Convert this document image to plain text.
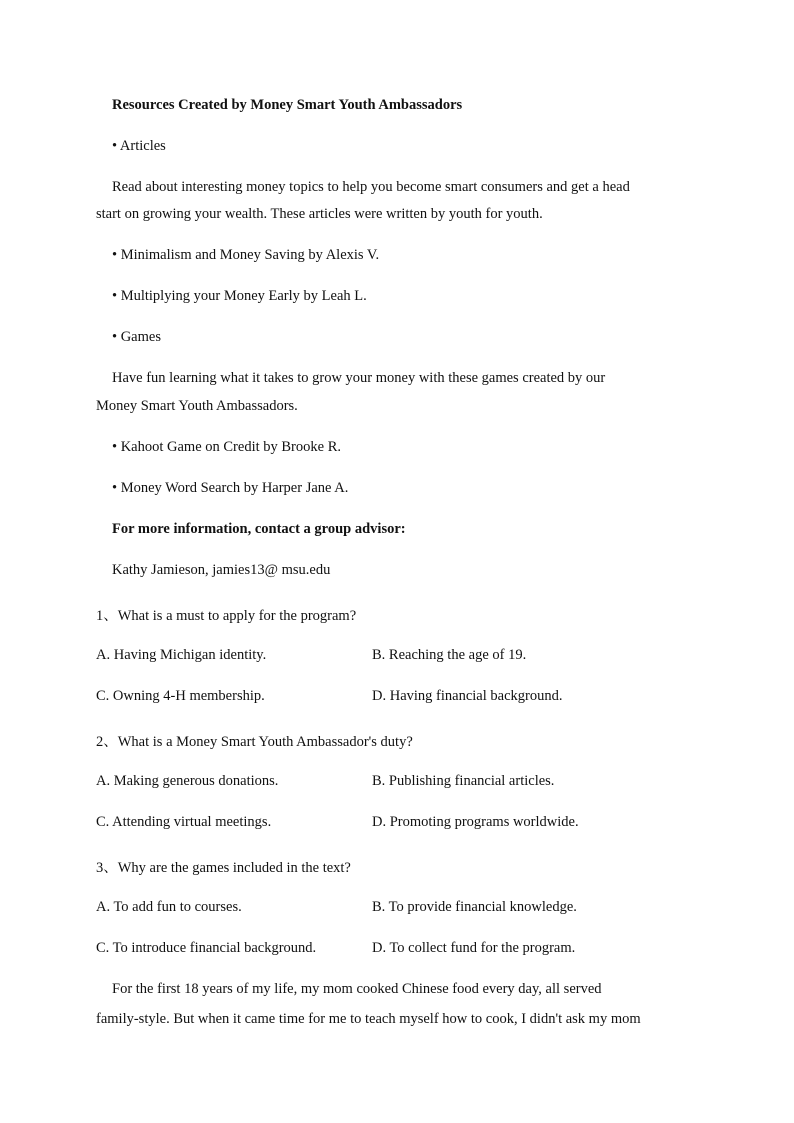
Resources Created by Money Smart Youth Ambassadors
• Articles
Read about interesting money topics to help you become smart consumers and get a head
start on growing your wealth. These articles were written by youth for youth.
• Minimalism and Money Saving by Alexis V.
• Multiplying your Money Early by Leah L.
• Games
Have fun learning what it takes to grow your money with these games created by our
Money Smart Youth Ambassadors.
• Kahoot Game on Credit by Brooke R.
• Money Word Search by Harper Jane A.
For more information, contact a group advisor:
Kathy Jamieson, jamies13@ msu.edu
1、What is a must to apply for the program?
A. Having Michigan identity.	B. Reaching the age of 19.
C. Owning 4-H membership.	D. Having financial background.
2、What is a Money Smart Youth Ambassador's duty?
A. Making generous donations.	B. Publishing financial articles.
C. Attending virtual meetings.	D. Promoting programs worldwide.
3、Why are the games included in the text?
A. To add fun to courses.	B. To provide financial knowledge.
C. To introduce financial background.	D. To collect fund for the program.
For the first 18 years of my life, my mom cooked Chinese food every day, all served
family-style. But when it came time for me to teach myself how to cook, I didn't ask my mom
